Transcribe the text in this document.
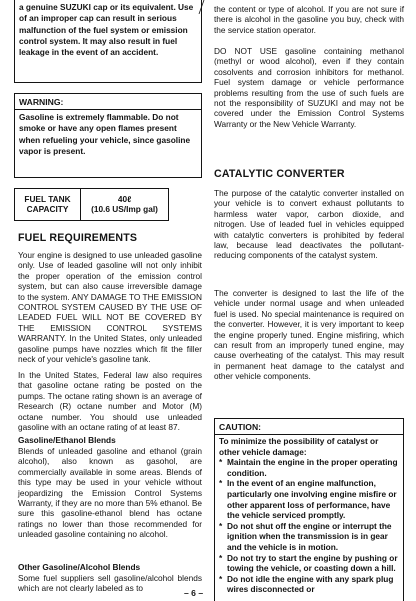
a genuine SUZUKI cap or its equivalent. Use of an improper cap can result in serious malfunction of the fuel system or emission control system. It may also result in fuel leakage in the event of an accident.

WARNING:
Gasoline is extremely flammable. Do not smoke or have any open flames present when refueling your vehicle, since gasoline vapor is present.
FUEL TANK
CAPACITY
40ℓ
(10.6 US/Imp gal)
FUEL REQUIREMENTS

Your engine is designed to use unleaded gasoline only. Use of leaded gasoline will not only inhibit the proper operation of the emission control system, but can also cause irreversible damage to the system. ANY DAMAGE TO THE EMISSION CONTROL SYSTEM CAUSED BY THE USE OF LEADED FUEL WILL NOT BE COVERED BY THE EMISSION CONTROL SYSTEMS WARRANTY. In the United States, only unleaded gasoline pumps have nozzles which fit the filler neck of your vehicle's gasoline tank.

In the United States, Federal law also requires that gasoline octane rating be posted on the pumps. The octane rating shown is an average of Research (R) octane number and Motor (M) octane number. You should use unleaded gasoline with an octane rating of at least 87.

Gasoline/Ethanol Blends

Blends of unleaded gasoline and ethanol (grain alcohol), also known as gasohol, are commercially available in some areas. Blends of this type may be used in your vehicle without jeopardizing the Emission Control Systems Warranty, if they are no more than 5% ethanol. Be sure this gasoline-ethanol blend has octane ratings no lower than those recommended for unleaded gasoline containing no alcohol.

Other Gasoline/Alcohol Blends

Some fuel suppliers sell gasoline/alcohol blends which are not clearly labeled as to

the content or type of alcohol. If you are not sure if there is alcohol in the gasoline you buy, check with the service station operator.

DO NOT USE gasoline containing methanol (methyl or wood alcohol), even if they contain cosolvents and corrosion inhibitors for methanol. Fuel system damage or vehicle performance problems resulting from the use of such fuels are not the responsibility of SUZUKI and may not be covered under the Emission Control Systems Warranty or the New Vehicle Warranty.

CATALYTIC CONVERTER

The purpose of the catalytic converter installed on your vehicle is to convert exhaust pollutants to harmless water vapor, carbon dioxide, and nitrogen. Use of leaded fuel in vehicles equipped with catalytic converters is prohibited by federal law, because lead deactivates the pollutant-reducing components of the catalyst system.

The converter is designed to last the life of the vehicle under normal usage and when unleaded fuel is used. No special maintenance is required on the converter. However, it is very important to keep the engine properly tuned. Engine misfiring, which can result from an improperly tuned engine, may cause overheating of the catalyst. This may result in permanent heat damage to the catalyst and other vehicle components.

CAUTION:
To minimize the possibility of catalyst or other vehicle damage:
* Maintain the engine in the proper operating condition.
* In the event of an engine malfunction, particularly one involving engine misfire or other apparent loss of performance, have the vehicle serviced promptly.
* Do not shut off the engine or interrupt the ignition when the transmission is in gear and the vehicle is in motion.
* Do not try to start the engine by pushing or towing the vehicle, or coasting down a hill.
* Do not idle the engine with any spark plug wires disconnected or
– 6 –
